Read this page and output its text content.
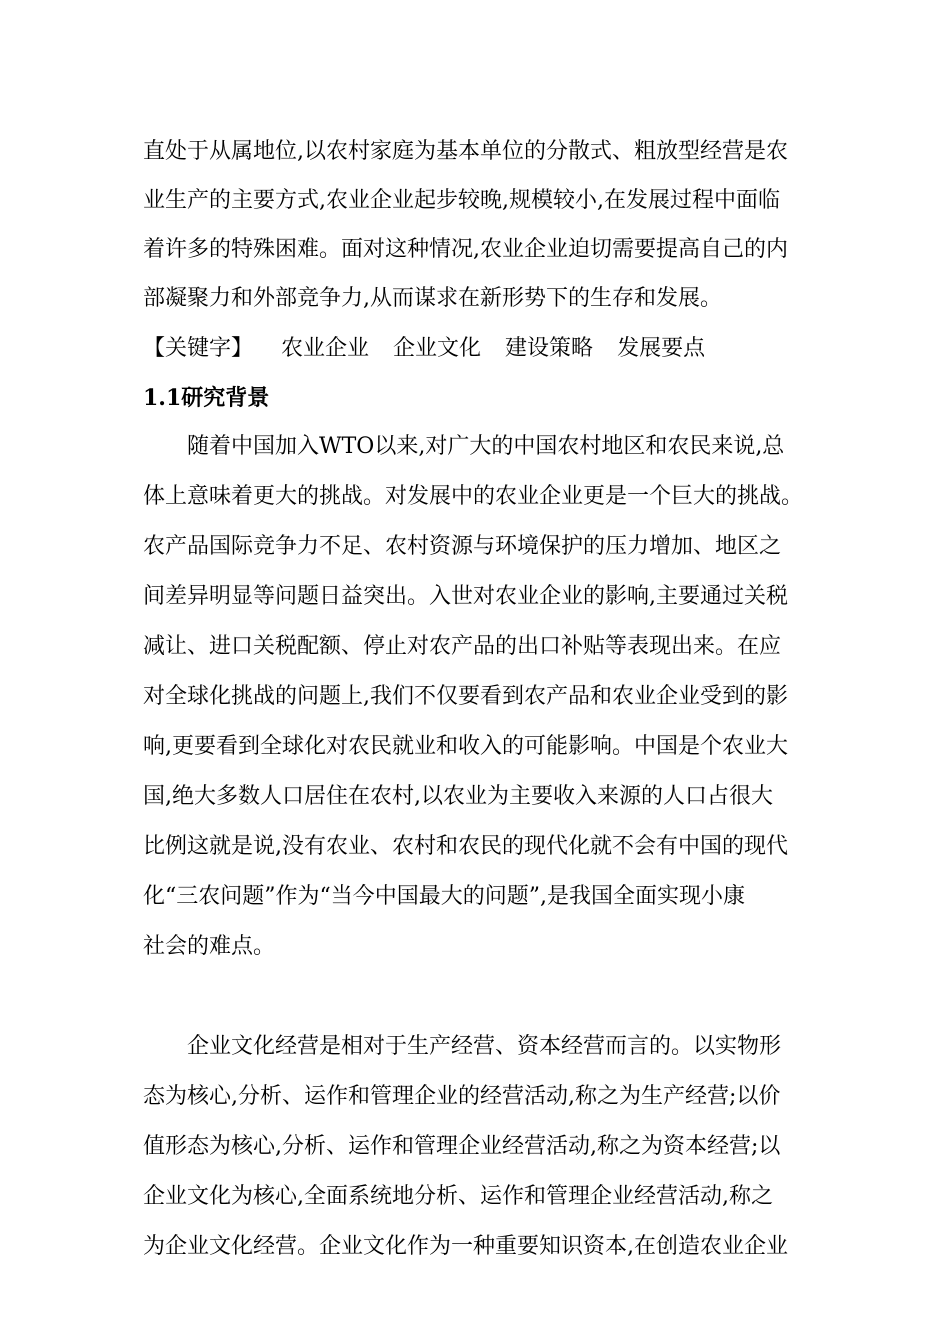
直处于从属地位,以农村家庭为基本单位的分散式、粗放型经营是农
业生产的主要方式,农业企业起步较晚,规模较小,在发展过程中面临
着许多的特殊困难。面对这种情况,农业企业迫切需要提高自己的内
部凝聚力和外部竞争力,从而谋求在新形势下的生存和发展。
【关键字】 农业企业 企业文化 建设策略 发展要点
1.1研究背景
随着中国加入WTO以来,对广大的中国农村地区和农民来说,总
体上意味着更大的挑战。对发展中的农业企业更是一个巨大的挑战。
农产品国际竞争力不足、农村资源与环境保护的压力增加、地区之
间差异明显等问题日益突出。入世对农业企业的影响,主要通过关税
减让、进口关税配额、停止对农产品的出口补贴等表现出来。在应
对全球化挑战的问题上,我们不仅要看到农产品和农业企业受到的影
响,更要看到全球化对农民就业和收入的可能影响。中国是个农业大
国,绝大多数人口居住在农村,以农业为主要收入来源的人口占很大
比例这就是说,没有农业、农村和农民的现代化就不会有中国的现代
化“三农问题”作为“当今中国最大的问题”,是我国全面实现小康
社会的难点。
企业文化经营是相对于生产经营、资本经营而言的。以实物形
态为核心,分析、运作和管理企业的经营活动,称之为生产经营;以价
值形态为核心,分析、运作和管理企业经营活动,称之为资本经营;以
企业文化为核心,全面系统地分析、运作和管理企业经营活动,称之
为企业文化经营。企业文化作为一种重要知识资本,在创造农业企业
